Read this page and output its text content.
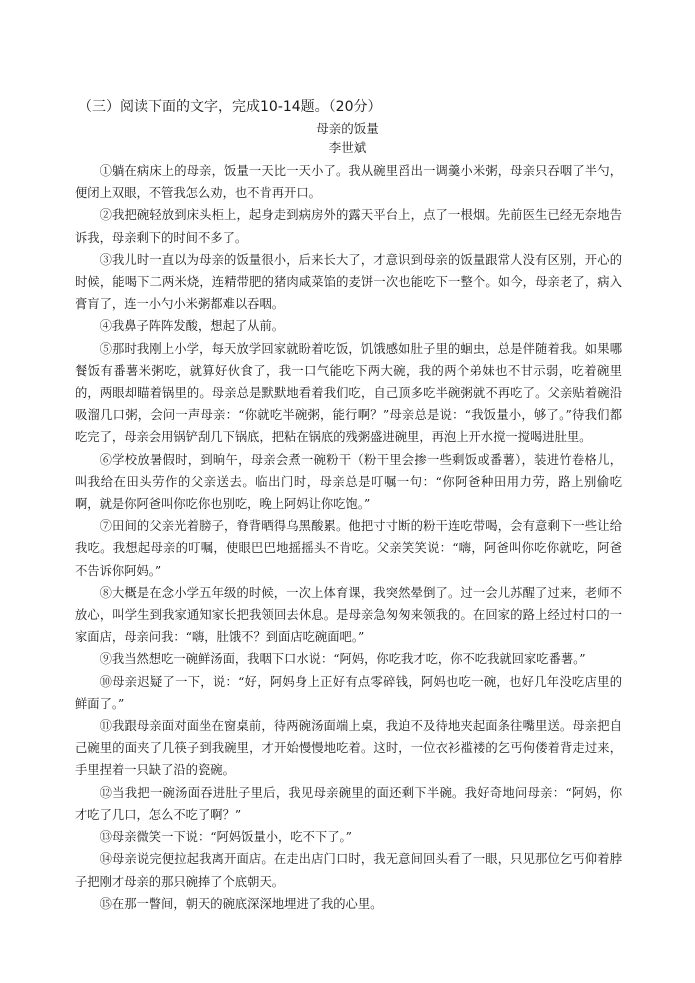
（三）阅读下面的文字，完成10-14题。（20分）
母亲的饭量
李世斌

①躺在病床上的母亲，饭量一天比一天小了。我从碗里舀出一调羹小米粥，母亲只吞咽了半勺，便闭上双眼，不管我怎么劝，也不肯再开口。

②我把碗轻放到床头柜上，起身走到病房外的露天平台上，点了一根烟。先前医生已经无奈地告诉我，母亲剩下的时间不多了。

③我儿时一直以为母亲的饭量很小，后来长大了，才意识到母亲的饭量跟常人没有区别，开心的时候，能喝下二两米烧，连精带肥的猪肉咸菜馅的麦饼一次也能吃下一整个。如今，母亲老了，病入膏肓了，连一小勺小米粥都难以吞咽。

④我鼻子阵阵发酸，想起了从前。

⑤那时我刚上小学，每天放学回家就盼着吃饭，饥饿感如肚子里的蛔虫，总是伴随着我。如果哪餐饭有番薯米粥吃，就算好伙食了，我一口气能吃下两大碗，我的两个弟妹也不甘示弱，吃着碗里的，两眼却瞄着锅里的。母亲总是默默地看着我们吃，自己顶多吃半碗粥就不再吃了。父亲贴着碗沿吸溜几口粥，会问一声母亲：“你就吃半碗粥，能行啊？”母亲总是说：“我饭量小，够了。”待我们都吃完了，母亲会用锅铲刮几下锅底，把粘在锅底的残粥盛进碗里，再泡上开水搅一搅喝进肚里。

⑥学校放暑假时，到晌午，母亲会煮一碗粉干（粉干里会掺一些剩饭或番薯），装进竹卷格儿，叫我给在田头劳作的父亲送去。临出门时，母亲总是叮嘱一句：“你阿爸种田用力劳，路上别偷吃啊，就是你阿爸叫你吃你也别吃，晚上阿妈让你吃饱。”

⑦田间的父亲光着膀子，脊背晒得乌黑酸累。他把寸寸断的粉干连吃带喝，会有意剩下一些让给我吃。我想起母亲的叮嘱，使眼巴巴地摇摇头不肯吃。父亲笑笑说：“嗨，阿爸叫你吃你就吃，阿爸不告诉你阿妈。”

⑧大概是在念小学五年级的时候，一次上体育课，我突然晕倒了。过一会儿苏醒了过来，老师不放心，叫学生到我家通知家长把我领回去休息。是母亲急匆匆来领我的。在回家的路上经过村口的一家面店，母亲问我：“嗨，肚饿不？到面店吃碗面吧。”

⑨我当然想吃一碗鲜汤面，我咽下口水说：“阿妈，你吃我才吃，你不吃我就回家吃番薯。”

⑩母亲迟疑了一下，说：“好，阿妈身上正好有点零碎钱，阿妈也吃一碗，也好几年没吃店里的鲜面了。”

⑪我跟母亲面对面坐在窗桌前，待两碗汤面端上桌，我迫不及待地夹起面条往嘴里送。母亲把自己碗里的面夹了几筷子到我碗里，才开始慢慢地吃着。这时，一位衣衫褴褛的乞丐佝偻着背走过来，手里捏着一只缺了沿的瓷碗。

⑫当我把一碗汤面吞进肚子里后，我见母亲碗里的面还剩下半碗。我好奇地问母亲：“阿妈，你才吃了几口，怎么不吃了啊？”

⑬母亲微笑一下说：“阿妈饭量小，吃不下了。”

⑭母亲说完便拉起我离开面店。在走出店门口时，我无意间回头看了一眼，只见那位乞丐仰着脖子把刚才母亲的那只碗捧了个底朝天。

⑮在那一瞥间，朝天的碗底深深地埋进了我的心里。
